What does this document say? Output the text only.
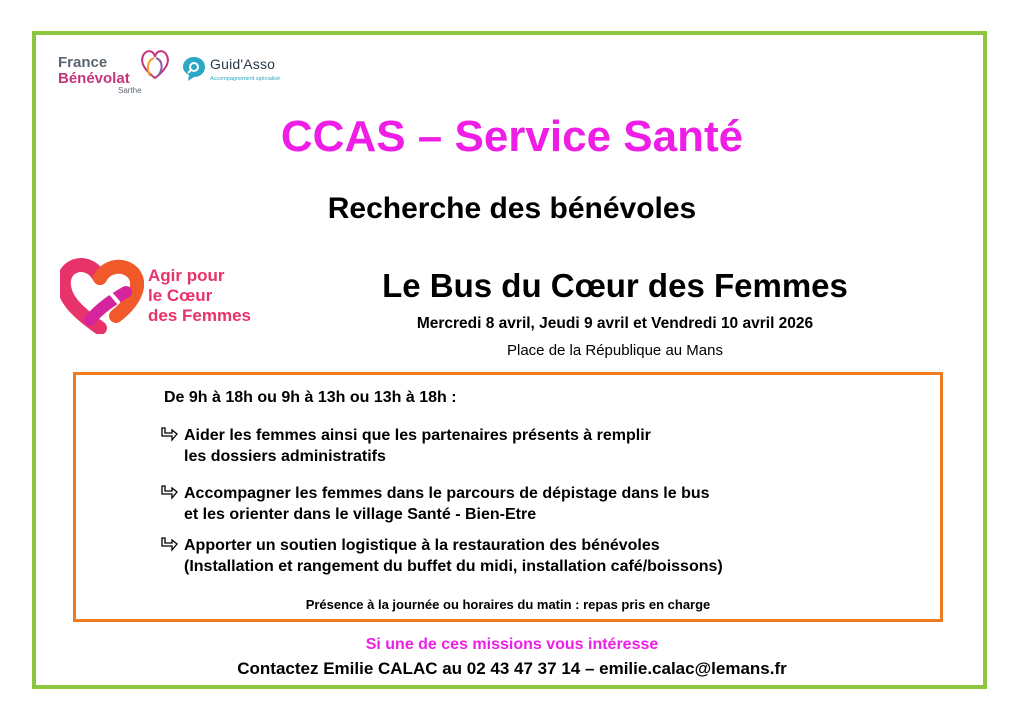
France
Bénévolat
Sarthe
Guid'Asso
Accompagnement spécialisé
CCAS – Service Santé
Recherche des bénévoles
Agir pour
le Cœur
des Femmes
Le Bus du Cœur des Femmes
Mercredi 8 avril, Jeudi 9 avril et Vendredi 10 avril 2026
Place de la République au Mans
De 9h à 18h ou 9h à 13h ou 13h à 18h :
Aider les femmes ainsi que les partenaires présents à remplir
les dossiers administratifs
Accompagner les femmes dans le parcours de dépistage dans le bus
et les orienter dans le village Santé - Bien-Etre
Apporter un soutien logistique à la restauration des bénévoles
(Installation et rangement du buffet du midi, installation café/boissons)
Présence à la journée ou horaires du matin : repas pris en charge
Si une de ces missions vous intéresse
Contactez Emilie CALAC au 02 43 47 37 14 – emilie.calac@lemans.fr
